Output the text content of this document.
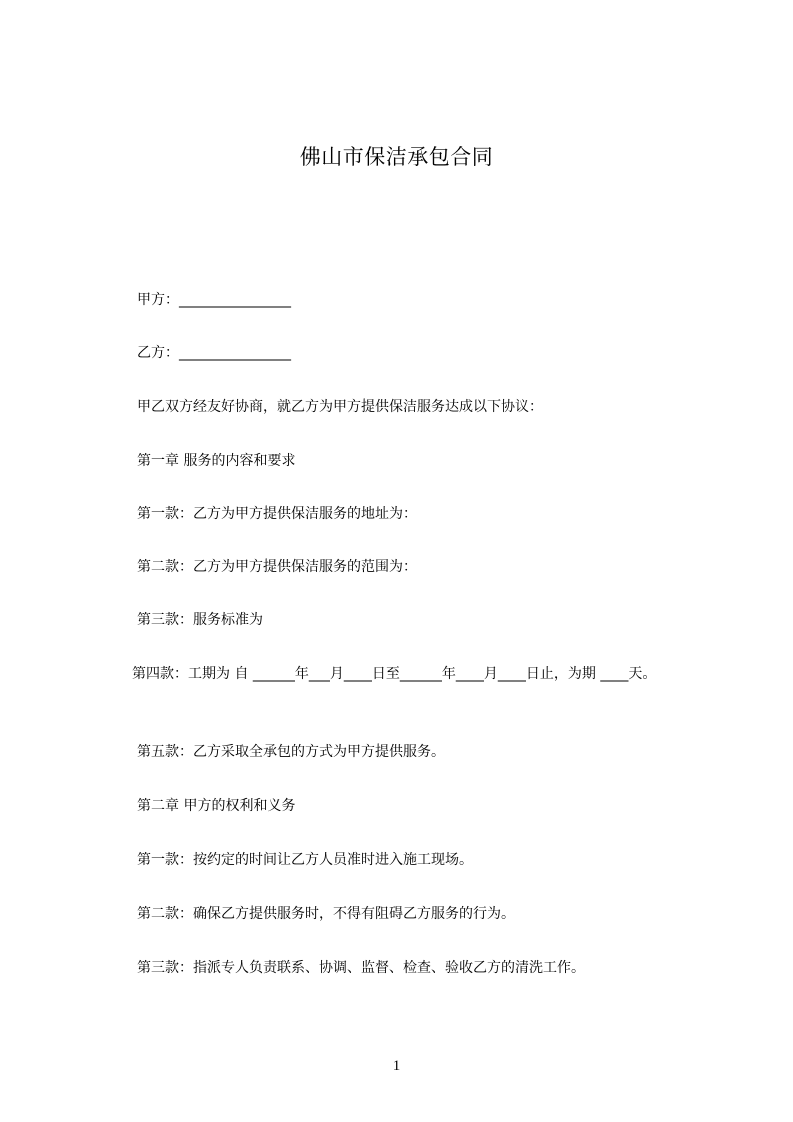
佛山市保洁承包合同
甲方：________________
乙方：________________
甲乙双方经友好协商，就乙方为甲方提供保洁服务达成以下协议：
第一章 服务的内容和要求
第一款：乙方为甲方提供保洁服务的地址为：
第二款：乙方为甲方提供保洁服务的范围为：
第三款：服务标准为
第四款：工期为 自 ______年___月____日至______年____月____日止，为期 ____天。
第五款：乙方采取全承包的方式为甲方提供服务。
第二章 甲方的权利和义务
第一款：按约定的时间让乙方人员准时进入施工现场。
第二款：确保乙方提供服务时，不得有阻碍乙方服务的行为。
第三款：指派专人负责联系、协调、监督、检查、验收乙方的清洗工作。
1
